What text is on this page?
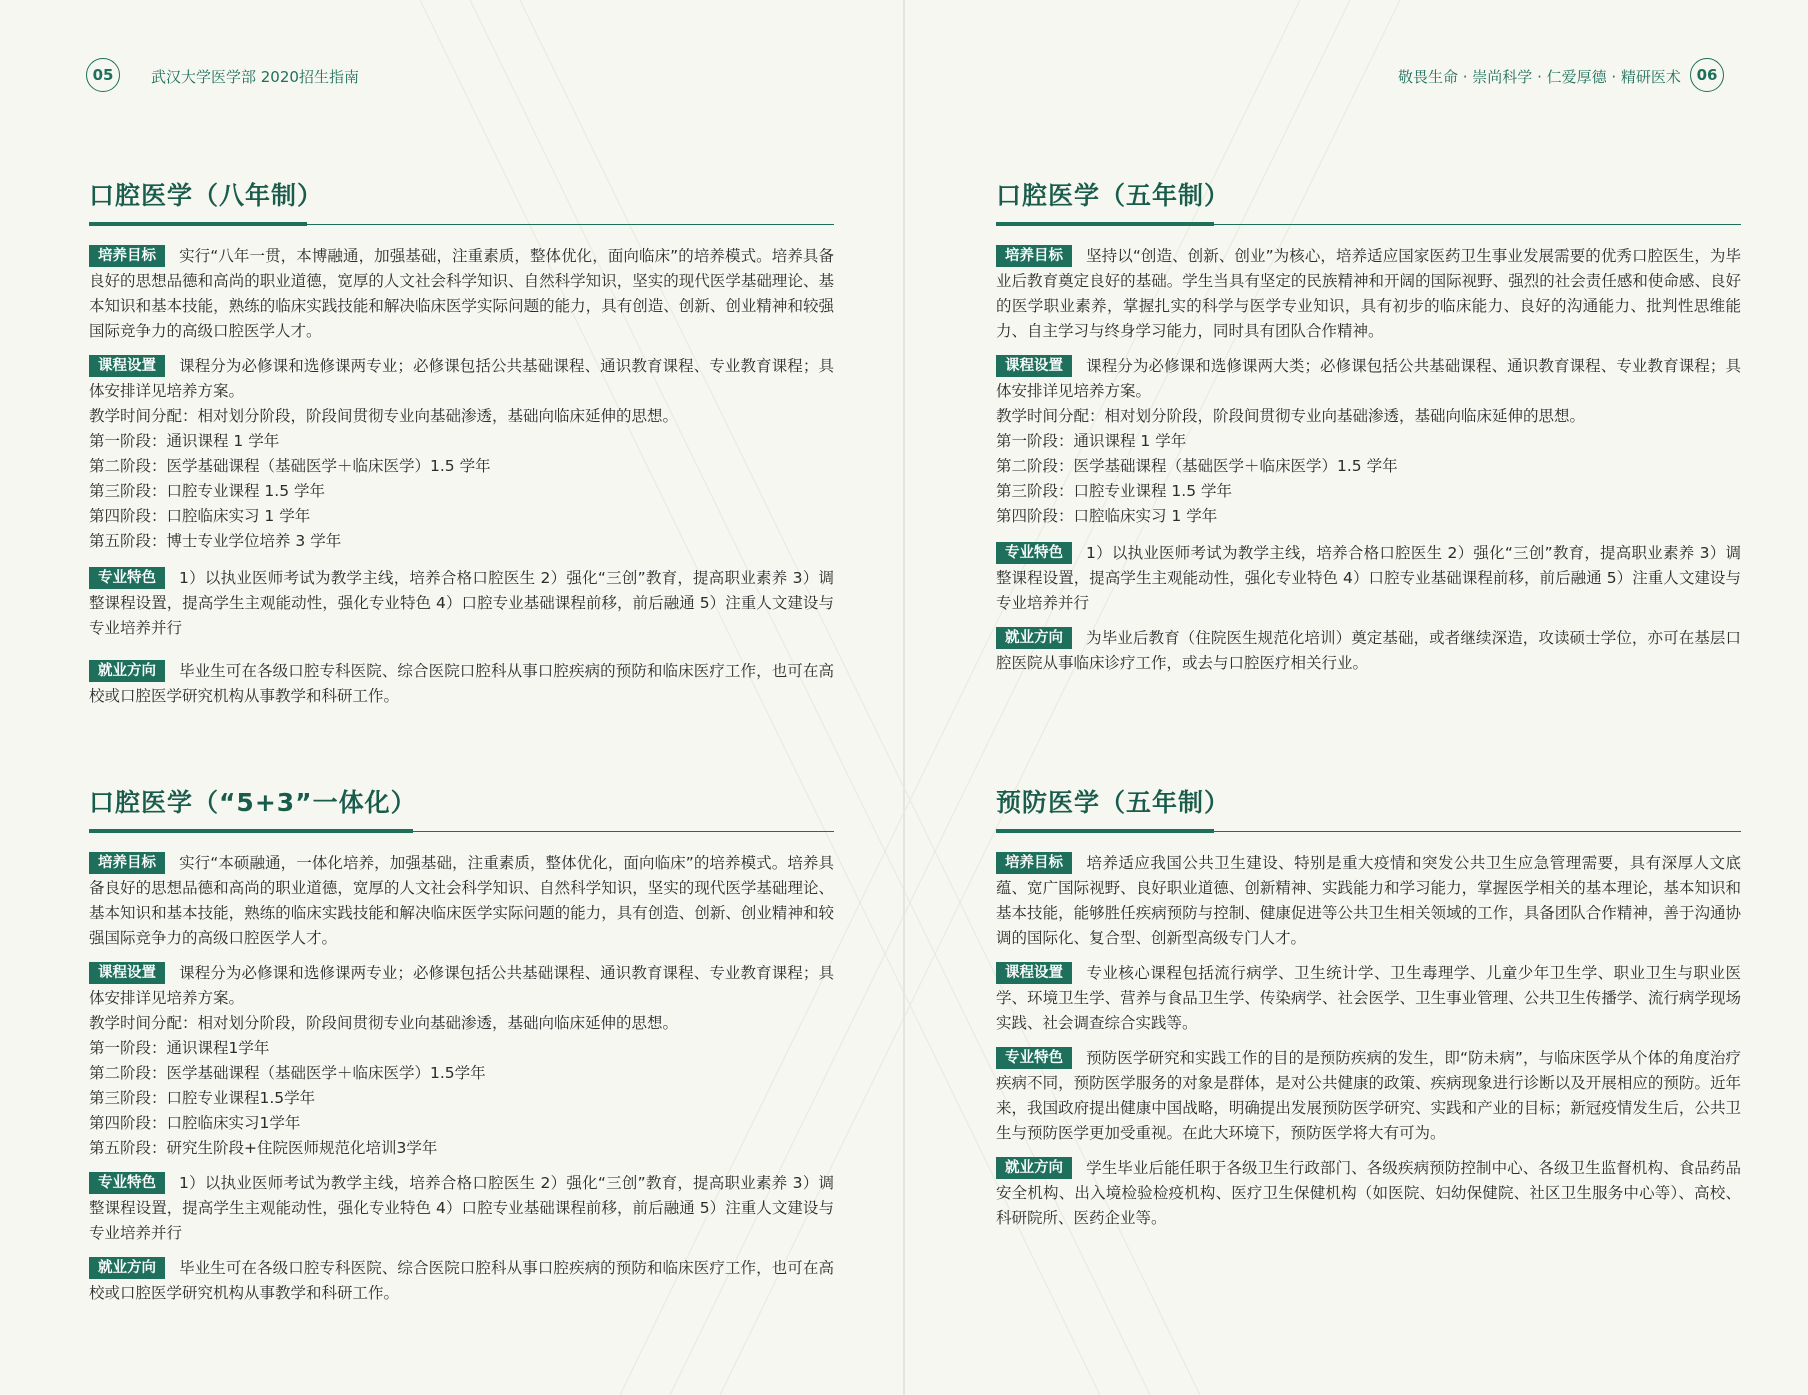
05	武汉大学医学部 2020招生指南	敬畏生命 · 崇尚科学 · 仁爱厚德 · 精研医术	06
口腔医学（八年制）

培养目标 实行“八年一贯，本博融通，加强基础，注重素质，整体优化，面向临床”的培养模式。培养具备良好的思想品德和高尚的职业道德，宽厚的人文社会科学知识、自然科学知识，坚实的现代医学基础理论、基本知识和基本技能，熟练的临床实践技能和解决临床医学实际问题的能力，具有创造、创新、创业精神和较强国际竞争力的高级口腔医学人才。

课程设置 课程分为必修课和选修课两专业；必修课包括公共基础课程、通识教育课程、专业教育课程；具体安排详见培养方案。

教学时间分配：相对划分阶段，阶段间贯彻专业向基础渗透，基础向临床延伸的思想。
第一阶段：通识课程 1 学年
第二阶段：医学基础课程（基础医学＋临床医学）1.5 学年
第三阶段：口腔专业课程 1.5 学年
第四阶段：口腔临床实习 1 学年
第五阶段：博士专业学位培养 3 学年

专业特色 1）以执业医师考试为教学主线，培养合格口腔医生 2）强化“三创”教育，提高职业素养 3）调整课程设置，提高学生主观能动性，强化专业特色 4）口腔专业基础课程前移，前后融通 5）注重人文建设与专业培养并行

就业方向 毕业生可在各级口腔专科医院、综合医院口腔科从事口腔疾病的预防和临床医疗工作，也可在高校或口腔医学研究机构从事教学和科研工作。

口腔医学（“5+3”一体化）

培养目标 实行“本硕融通，一体化培养，加强基础，注重素质，整体优化，面向临床”的培养模式。培养具备良好的思想品德和高尚的职业道德，宽厚的人文社会科学知识、自然科学知识，坚实的现代医学基础理论、基本知识和基本技能，熟练的临床实践技能和解决临床医学实际问题的能力，具有创造、创新、创业精神和较强国际竞争力的高级口腔医学人才。

课程设置 课程分为必修课和选修课两专业；必修课包括公共基础课程、通识教育课程、专业教育课程；具体安排详见培养方案。

教学时间分配：相对划分阶段，阶段间贯彻专业向基础渗透，基础向临床延伸的思想。
第一阶段：通识课程1学年
第二阶段：医学基础课程（基础医学＋临床医学）1.5学年
第三阶段：口腔专业课程1.5学年
第四阶段：口腔临床实习1学年
第五阶段：研究生阶段+住院医师规范化培训3学年

专业特色 1）以执业医师考试为教学主线，培养合格口腔医生 2）强化“三创”教育，提高职业素养 3）调整课程设置，提高学生主观能动性，强化专业特色 4）口腔专业基础课程前移，前后融通 5）注重人文建设与专业培养并行

就业方向 毕业生可在各级口腔专科医院、综合医院口腔科从事口腔疾病的预防和临床医疗工作，也可在高校或口腔医学研究机构从事教学和科研工作。

口腔医学（五年制）

培养目标 坚持以“创造、创新、创业”为核心，培养适应国家医药卫生事业发展需要的优秀口腔医生，为毕业后教育奠定良好的基础。学生当具有坚定的民族精神和开阔的国际视野、强烈的社会责任感和使命感、良好的医学职业素养，掌握扎实的科学与医学专业知识，具有初步的临床能力、良好的沟通能力、批判性思维能力、自主学习与终身学习能力，同时具有团队合作精神。

课程设置 课程分为必修课和选修课两大类；必修课包括公共基础课程、通识教育课程、专业教育课程；具体安排详见培养方案。

教学时间分配：相对划分阶段，阶段间贯彻专业向基础渗透，基础向临床延伸的思想。
第一阶段：通识课程 1 学年
第二阶段：医学基础课程（基础医学＋临床医学）1.5 学年
第三阶段：口腔专业课程 1.5 学年
第四阶段：口腔临床实习 1 学年

专业特色 1）以执业医师考试为教学主线，培养合格口腔医生 2）强化“三创”教育，提高职业素养 3）调整课程设置，提高学生主观能动性，强化专业特色 4）口腔专业基础课程前移，前后融通 5）注重人文建设与专业培养并行

就业方向 为毕业后教育（住院医生规范化培训）奠定基础，或者继续深造，攻读硕士学位，亦可在基层口腔医院从事临床诊疗工作，或去与口腔医疗相关行业。

预防医学（五年制）

培养目标 培养适应我国公共卫生建设、特别是重大疫情和突发公共卫生应急管理需要，具有深厚人文底蕴、宽广国际视野、良好职业道德、创新精神、实践能力和学习能力，掌握医学相关的基本理论，基本知识和基本技能，能够胜任疾病预防与控制、健康促进等公共卫生相关领域的工作，具备团队合作精神，善于沟通协调的国际化、复合型、创新型高级专门人才。

课程设置 专业核心课程包括流行病学、卫生统计学、卫生毒理学、儿童少年卫生学、职业卫生与职业医学、环境卫生学、营养与食品卫生学、传染病学、社会医学、卫生事业管理、公共卫生传播学、流行病学现场实践、社会调查综合实践等。

专业特色 预防医学研究和实践工作的目的是预防疾病的发生，即“防未病”，与临床医学从个体的角度治疗疾病不同，预防医学服务的对象是群体，是对公共健康的政策、疾病现象进行诊断以及开展相应的预防。近年来，我国政府提出健康中国战略，明确提出发展预防医学研究、实践和产业的目标；新冠疫情发生后，公共卫生与预防医学更加受重视。在此大环境下，预防医学将大有可为。

就业方向 学生毕业后能任职于各级卫生行政部门、各级疾病预防控制中心、各级卫生监督机构、食品药品安全机构、出入境检验检疫机构、医疗卫生保健机构（如医院、妇幼保健院、社区卫生服务中心等）、高校、科研院所、医药企业等。
